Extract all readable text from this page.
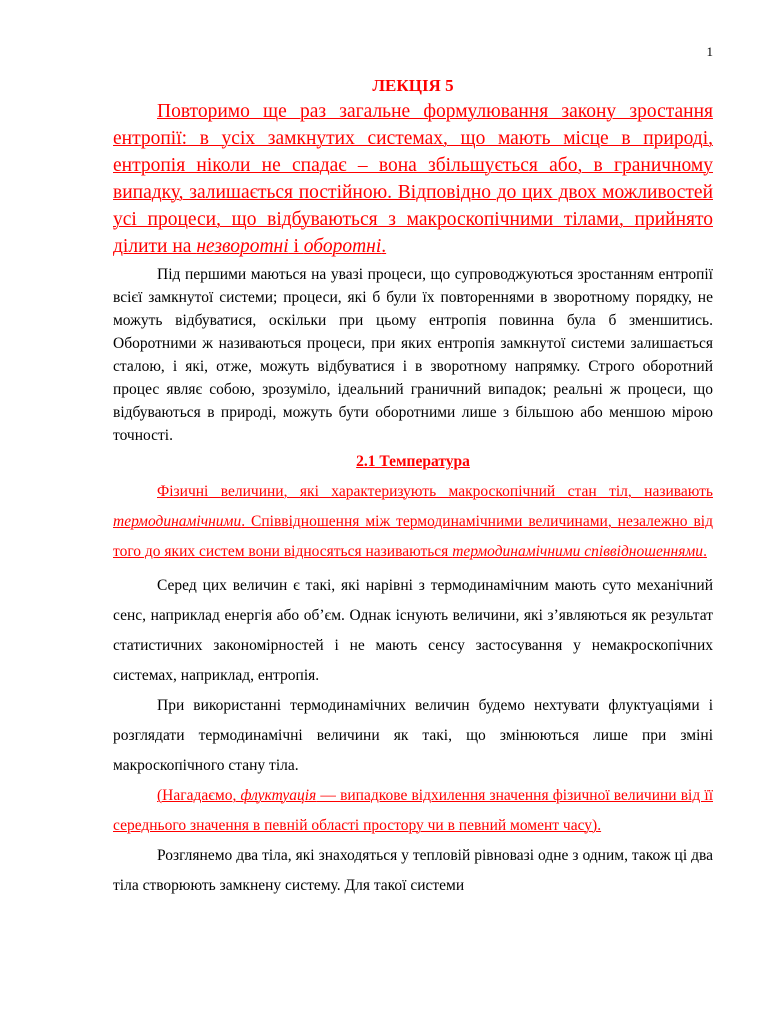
1
ЛЕКЦІЯ 5

Повторимо ще раз загальне формулювання закону зростання ентропії: в усіх замкнутих системах, що мають місце в природі, ентропія ніколи не спадає – вона збільшується або, в граничному випадку, залишається постійною. Відповідно до цих двох можливостей усі процеси, що відбуваються з макроскопічними тілами, прийнято ділити на незворотні і оборотні.

Під першими маються на увазі процеси, що супроводжуються зростанням ентропії всієї замкнутої системи; процеси, які б були їх повтореннями в зворотному порядку, не можуть відбуватися, оскільки при цьому ентропія повинна була б зменшитись. Оборотними ж називаються процеси, при яких ентропія замкнутої системи залишається сталою, і які, отже, можуть відбуватися і в зворотному напрямку. Строго оборотний процес являє собою, зрозуміло, ідеальний граничний випадок; реальні ж процеси, що відбуваються в природі, можуть бути оборотними лише з більшою або меншою мірою точності.

2.1 Температура

Фізичні величини, які характеризують макроскопічний стан тіл, називають термодинамічними. Співвідношення між термодинамічними величинами, незалежно від того до яких систем вони відносяться називаються термодинамічними співвідношеннями.

Серед цих величин є такі, які нарівні з термодинамічним мають суто механічний сенс, наприклад енергія або об’єм. Однак існують величини, які з’являються як результат статистичних закономірностей і не мають сенсу застосування у немакроскопічних системах, наприклад, ентропія.

При використанні термодинамічних величин будемо нехтувати флуктуаціями і розглядати термодинамічні величини як такі, що змінюються лише при зміні макроскопічного стану тіла.

(Нагадаємо, флуктуація — випадкове відхилення значення фізичної величини від її середнього значення в певній області простору чи в певний момент часу).

Розглянемо два тіла, які знаходяться у тепловій рівновазі одне з одним, також ці два тіла створюють замкнену систему. Для такої системи
